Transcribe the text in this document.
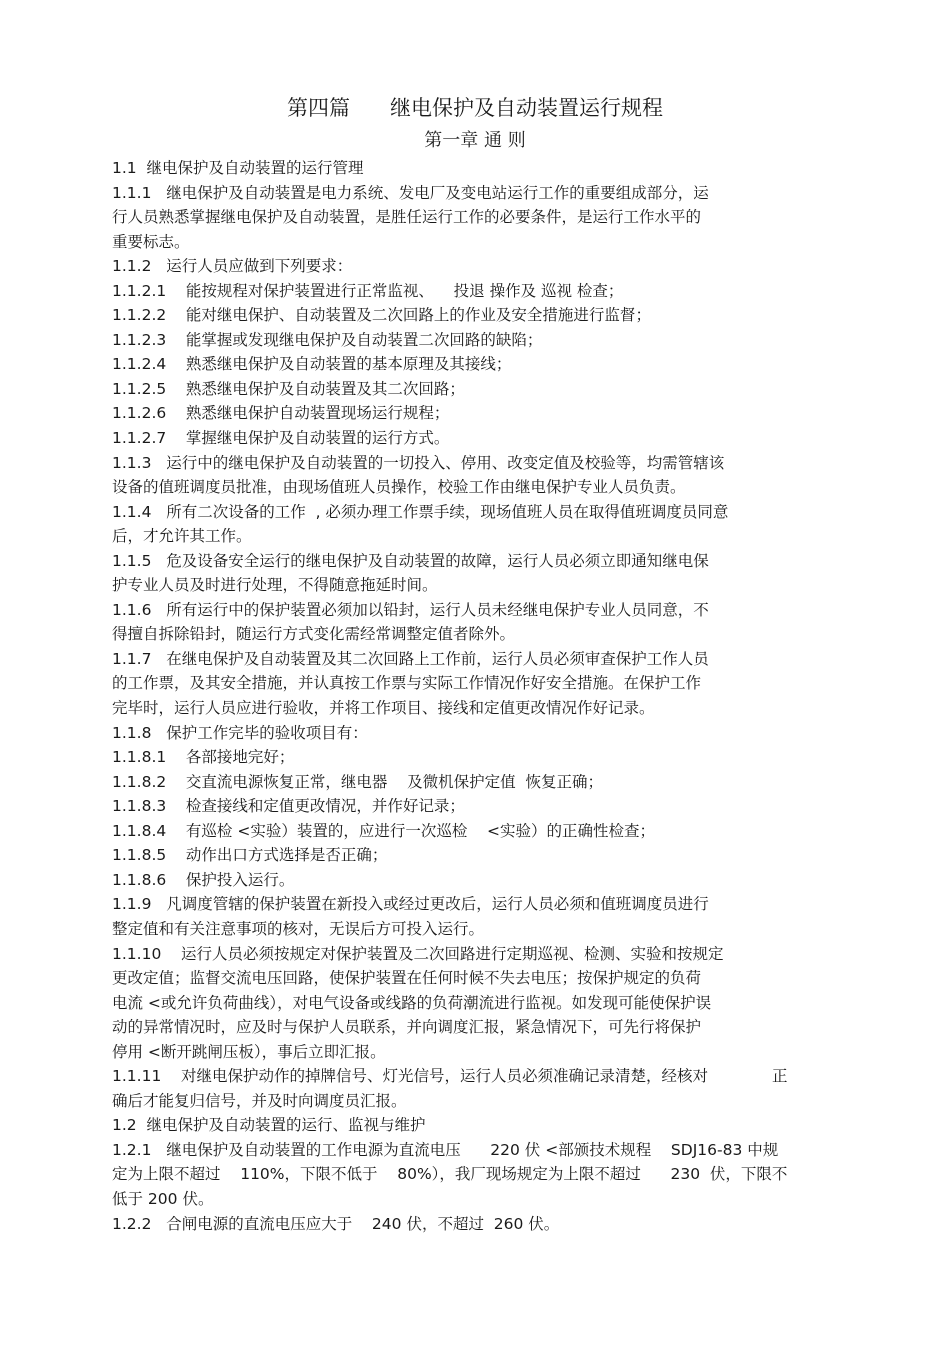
第四篇 继电保护及自动装置运行规程
第一章 通 则
1.1  继电保护及自动装置的运行管理
1.1.1   继电保护及自动装置是电力系统、发电厂及变电站运行工作的重要组成部分，运
行人员熟悉掌握继电保护及自动装置，是胜任运行工作的必要条件，是运行工作水平的
重要标志。
1.1.2   运行人员应做到下列要求：
1.1.2.1    能按规程对保护装置进行正常监视、    投退 操作及 巡视 检查；
1.1.2.2    能对继电保护、自动装置及二次回路上的作业及安全措施进行监督；
1.1.2.3    能掌握或发现继电保护及自动装置二次回路的缺陷；
1.1.2.4    熟悉继电保护及自动装置的基本原理及其接线；
1.1.2.5    熟悉继电保护及自动装置及其二次回路；
1.1.2.6    熟悉继电保护自动装置现场运行规程；
1.1.2.7    掌握继电保护及自动装置的运行方式。
1.1.3   运行中的继电保护及自动装置的一切投入、停用、改变定值及校验等，均需管辖该
设备的值班调度员批准，由现场值班人员操作，校验工作由继电保护专业人员负责。
1.1.4   所有二次设备的工作  , 必须办理工作票手续，现场值班人员在取得值班调度员同意
后，才允许其工作。
1.1.5   危及设备安全运行的继电保护及自动装置的故障，运行人员必须立即通知继电保
护专业人员及时进行处理，不得随意拖延时间。
1.1.6   所有运行中的保护装置必须加以铅封，运行人员未经继电保护专业人员同意，不
得擅自拆除铅封，随运行方式变化需经常调整定值者除外。
1.1.7   在继电保护及自动装置及其二次回路上工作前，运行人员必须审查保护工作人员
的工作票，及其安全措施，并认真按工作票与实际工作情况作好安全措施。在保护工作
完毕时，运行人员应进行验收，并将工作项目、接线和定值更改情况作好记录。
1.1.8   保护工作完毕的验收项目有：
1.1.8.1    各部接地完好；
1.1.8.2    交直流电源恢复正常，继电器    及微机保护定值  恢复正确；
1.1.8.3    检查接线和定值更改情况，并作好记录；
1.1.8.4    有巡检 <实验）装置的，应进行一次巡检    <实验）的正确性检查；
1.1.8.5    动作出口方式选择是否正确；
1.1.8.6    保护投入运行。
1.1.9   凡调度管辖的保护装置在新投入或经过更改后，运行人员必须和值班调度员进行
整定值和有关注意事项的核对，无误后方可投入运行。
1.1.10    运行人员必须按规定对保护装置及二次回路进行定期巡视、检测、实验和按规定
更改定值；监督交流电压回路，使保护装置在任何时候不失去电压；按保护规定的负荷
电流 <或允许负荷曲线），对电气设备或线路的负荷潮流进行监视。如发现可能使保护误
动的异常情况时，应及时与保护人员联系，并向调度汇报，紧急情况下，可先行将保护
停用 <断开跳闸压板），事后立即汇报。
1.1.11    对继电保护动作的掉牌信号、灯光信号，运行人员必须准确记录清楚，经核对             正
确后才能复归信号，并及时向调度员汇报。
1.2  继电保护及自动装置的运行、监视与维护
1.2.1   继电保护及自动装置的工作电源为直流电压      220 伏 <部颁技术规程    SDJ16-83 中规
定为上限不超过    110%，下限不低于    80%），我厂现场规定为上限不超过      230  伏，下限不
低于 200 伏。
1.2.2   合闸电源的直流电压应大于    240 伏，不超过  260 伏。
